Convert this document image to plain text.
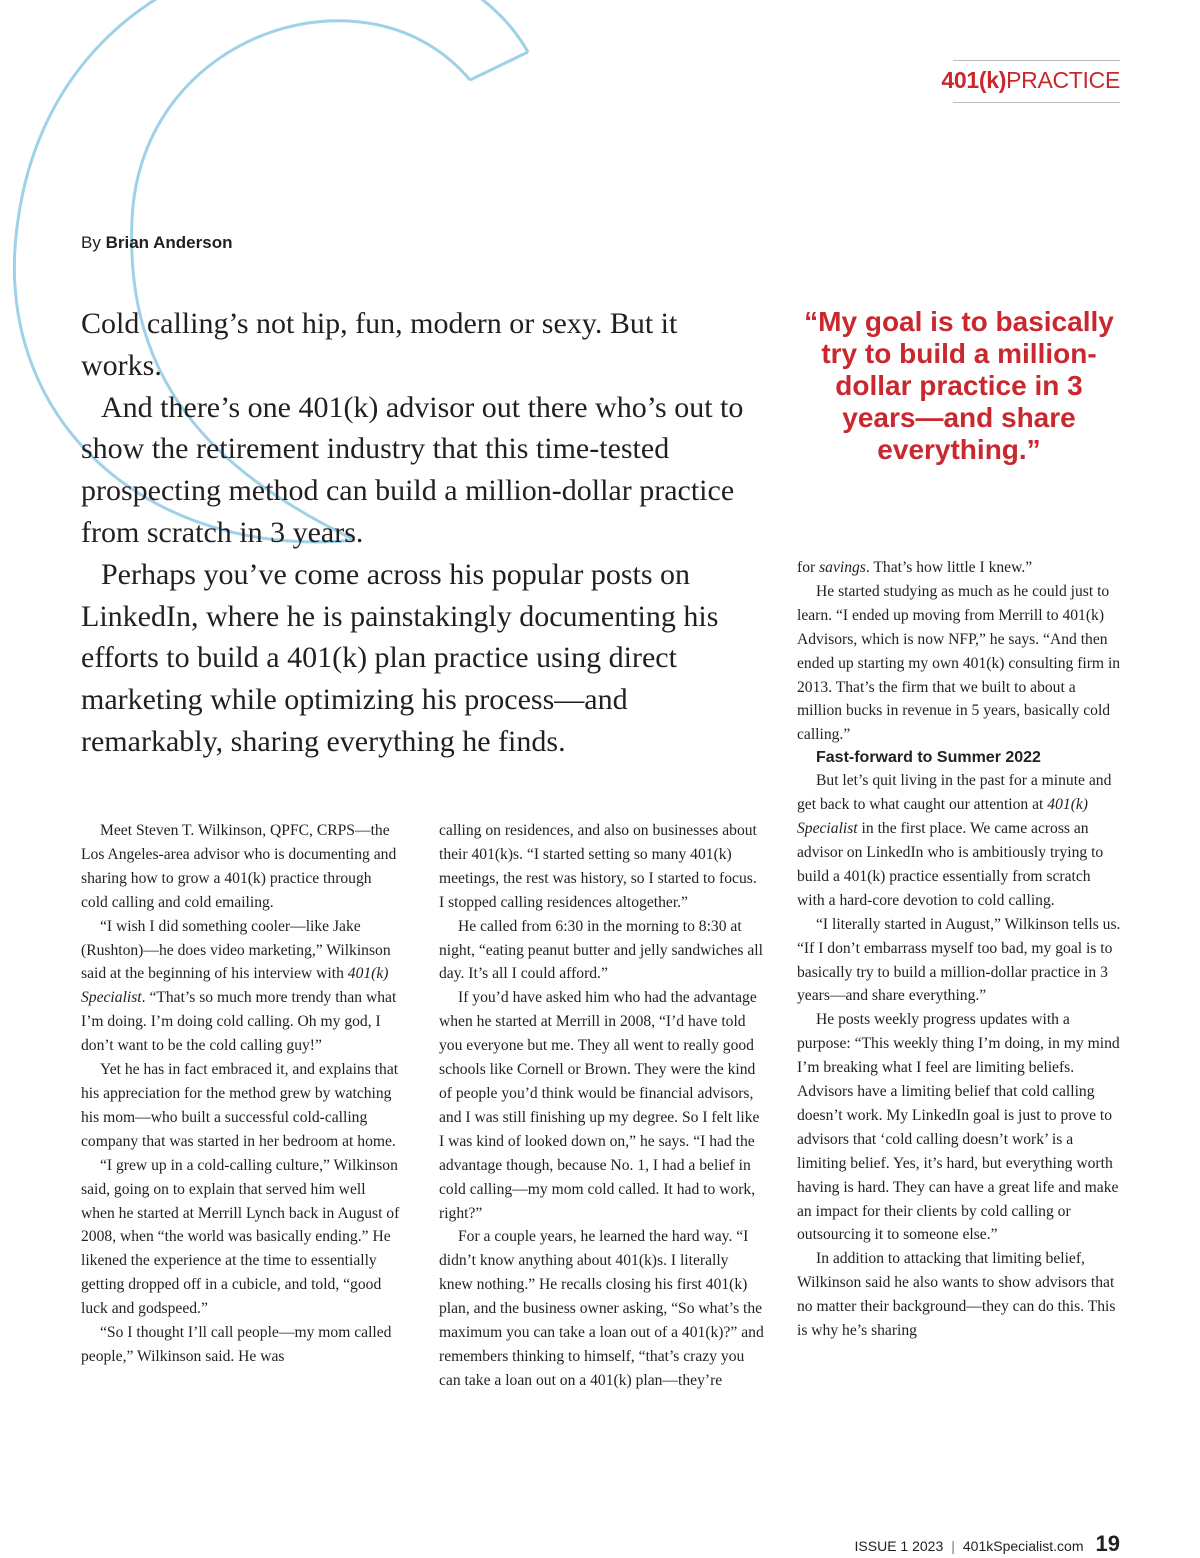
401(k)PRACTICE
By Brian Anderson

Cold calling’s not hip, fun, modern or sexy. But it works.

And there’s one 401(k) advisor out there who’s out to show the retirement industry that this time-tested prospecting method can build a million-dollar practice from scratch in 3 years.

Perhaps you’ve come across his popular posts on LinkedIn, where he is painstakingly documenting his efforts to build a 401(k) plan practice using direct marketing while optimizing his process—and remarkably, sharing everything he finds.

“My goal is to basically try to build a million-dollar practice in 3 years—and share everything.”

Meet Steven T. Wilkinson, QPFC, CRPS—the Los Angeles-area advisor who is documenting and sharing how to grow a 401(k) practice through cold calling and cold emailing.

“I wish I did something cooler—like Jake (Rushton)—he does video marketing,” Wilkinson said at the beginning of his interview with 401(k) Specialist. “That’s so much more trendy than what I’m doing. I’m doing cold calling. Oh my god, I don’t want to be the cold calling guy!”

Yet he has in fact embraced it, and explains that his appreciation for the method grew by watching his mom—who built a successful cold-calling company that was started in her bedroom at home.

“I grew up in a cold-calling culture,” Wilkinson said, going on to explain that served him well when he started at Merrill Lynch back in August of 2008, when “the world was basically ending.” He likened the experience at the time to essentially getting dropped off in a cubicle, and told, “good luck and godspeed.”

“So I thought I’ll call people—my mom called people,” Wilkinson said. He was

calling on residences, and also on businesses about their 401(k)s. “I started setting so many 401(k) meetings, the rest was history, so I started to focus. I stopped calling residences altogether.”

He called from 6:30 in the morning to 8:30 at night, “eating peanut butter and jelly sandwiches all day. It’s all I could afford.”

If you’d have asked him who had the advantage when he started at Merrill in 2008, “I’d have told you everyone but me. They all went to really good schools like Cornell or Brown. They were the kind of people you’d think would be financial advisors, and I was still finishing up my degree. So I felt like I was kind of looked down on,” he says. “I had the advantage though, because No. 1, I had a belief in cold calling—my mom cold called. It had to work, right?”

For a couple years, he learned the hard way. “I didn’t know anything about 401(k)s. I literally knew nothing.” He recalls closing his first 401(k) plan, and the business owner asking, “So what’s the maximum you can take a loan out of a 401(k)?” and remembers thinking to himself, “that’s crazy you can take a loan out on a 401(k) plan—they’re

for savings. That’s how little I knew.”

He started studying as much as he could just to learn. “I ended up moving from Merrill to 401(k) Advisors, which is now NFP,” he says. “And then ended up starting my own 401(k) consulting firm in 2013. That’s the firm that we built to about a million bucks in revenue in 5 years, basically cold calling.”

Fast-forward to Summer 2022

But let’s quit living in the past for a minute and get back to what caught our attention at 401(k) Specialist in the first place. We came across an advisor on LinkedIn who is ambitiously trying to build a 401(k) practice essentially from scratch with a hard-core devotion to cold calling.

“I literally started in August,” Wilkinson tells us. “If I don’t embarrass myself too bad, my goal is to basically try to build a million-dollar practice in 3 years—and share everything.”

He posts weekly progress updates with a purpose: “This weekly thing I’m doing, in my mind I’m breaking what I feel are limiting beliefs. Advisors have a limiting belief that cold calling doesn’t work. My LinkedIn goal is just to prove to advisors that ‘cold calling doesn’t work’ is a limiting belief. Yes, it’s hard, but everything worth having is hard. They can have a great life and make an impact for their clients by cold calling or outsourcing it to someone else.”

In addition to attacking that limiting belief, Wilkinson said he also wants to show advisors that no matter their background—they can do this. This is why he’s sharing

ISSUE 1 2023 | 401kSpecialist.com 19
